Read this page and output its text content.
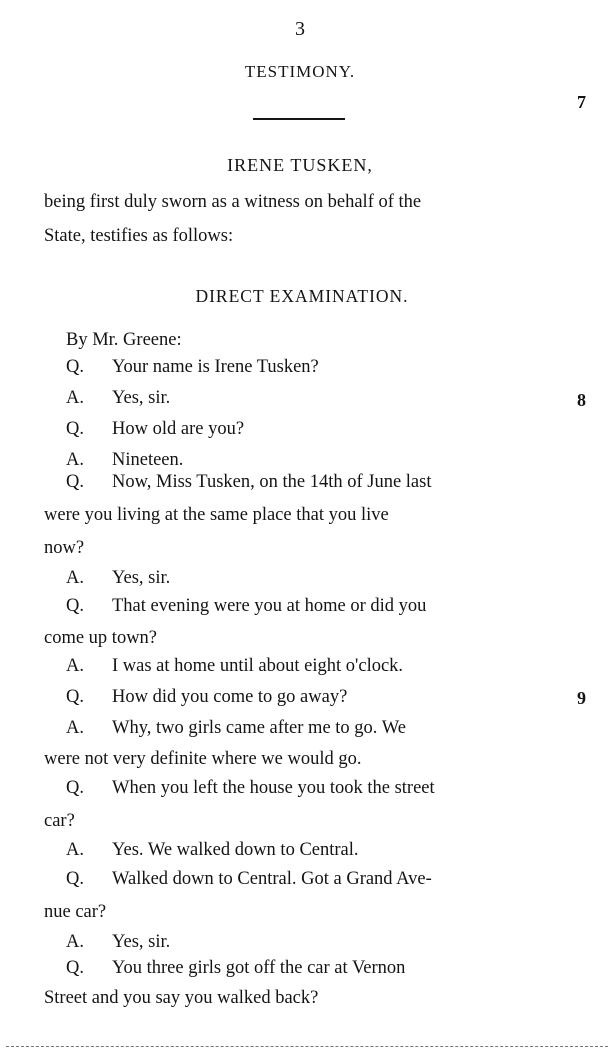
3
TESTIMONY.
7
IRENE TUSKEN,
being first duly sworn as a witness on behalf of the
State, testifies as follows:
DIRECT EXAMINATION.
By Mr. Greene:
Q. Your name is Irene Tusken?
A. Yes, sir.	8
Q. How old are you?
A. Nineteen.
Q. Now, Miss Tusken, on the 14th of June last
were you living at the same place that you live
now?
A. Yes, sir.
Q. That evening were you at home or did you
come up town?
A. I was at home until about eight o'clock.
Q. How did you come to go away?	9
A. Why, two girls came after me to go. We
were not very definite where we would go.
Q. When you left the house you took the street
car?
A. Yes. We walked down to Central.
Q. Walked down to Central. Got a Grand Ave-
nue car?
A. Yes, sir.
Q. You three girls got off the car at Vernon
Street and you say you walked back?
